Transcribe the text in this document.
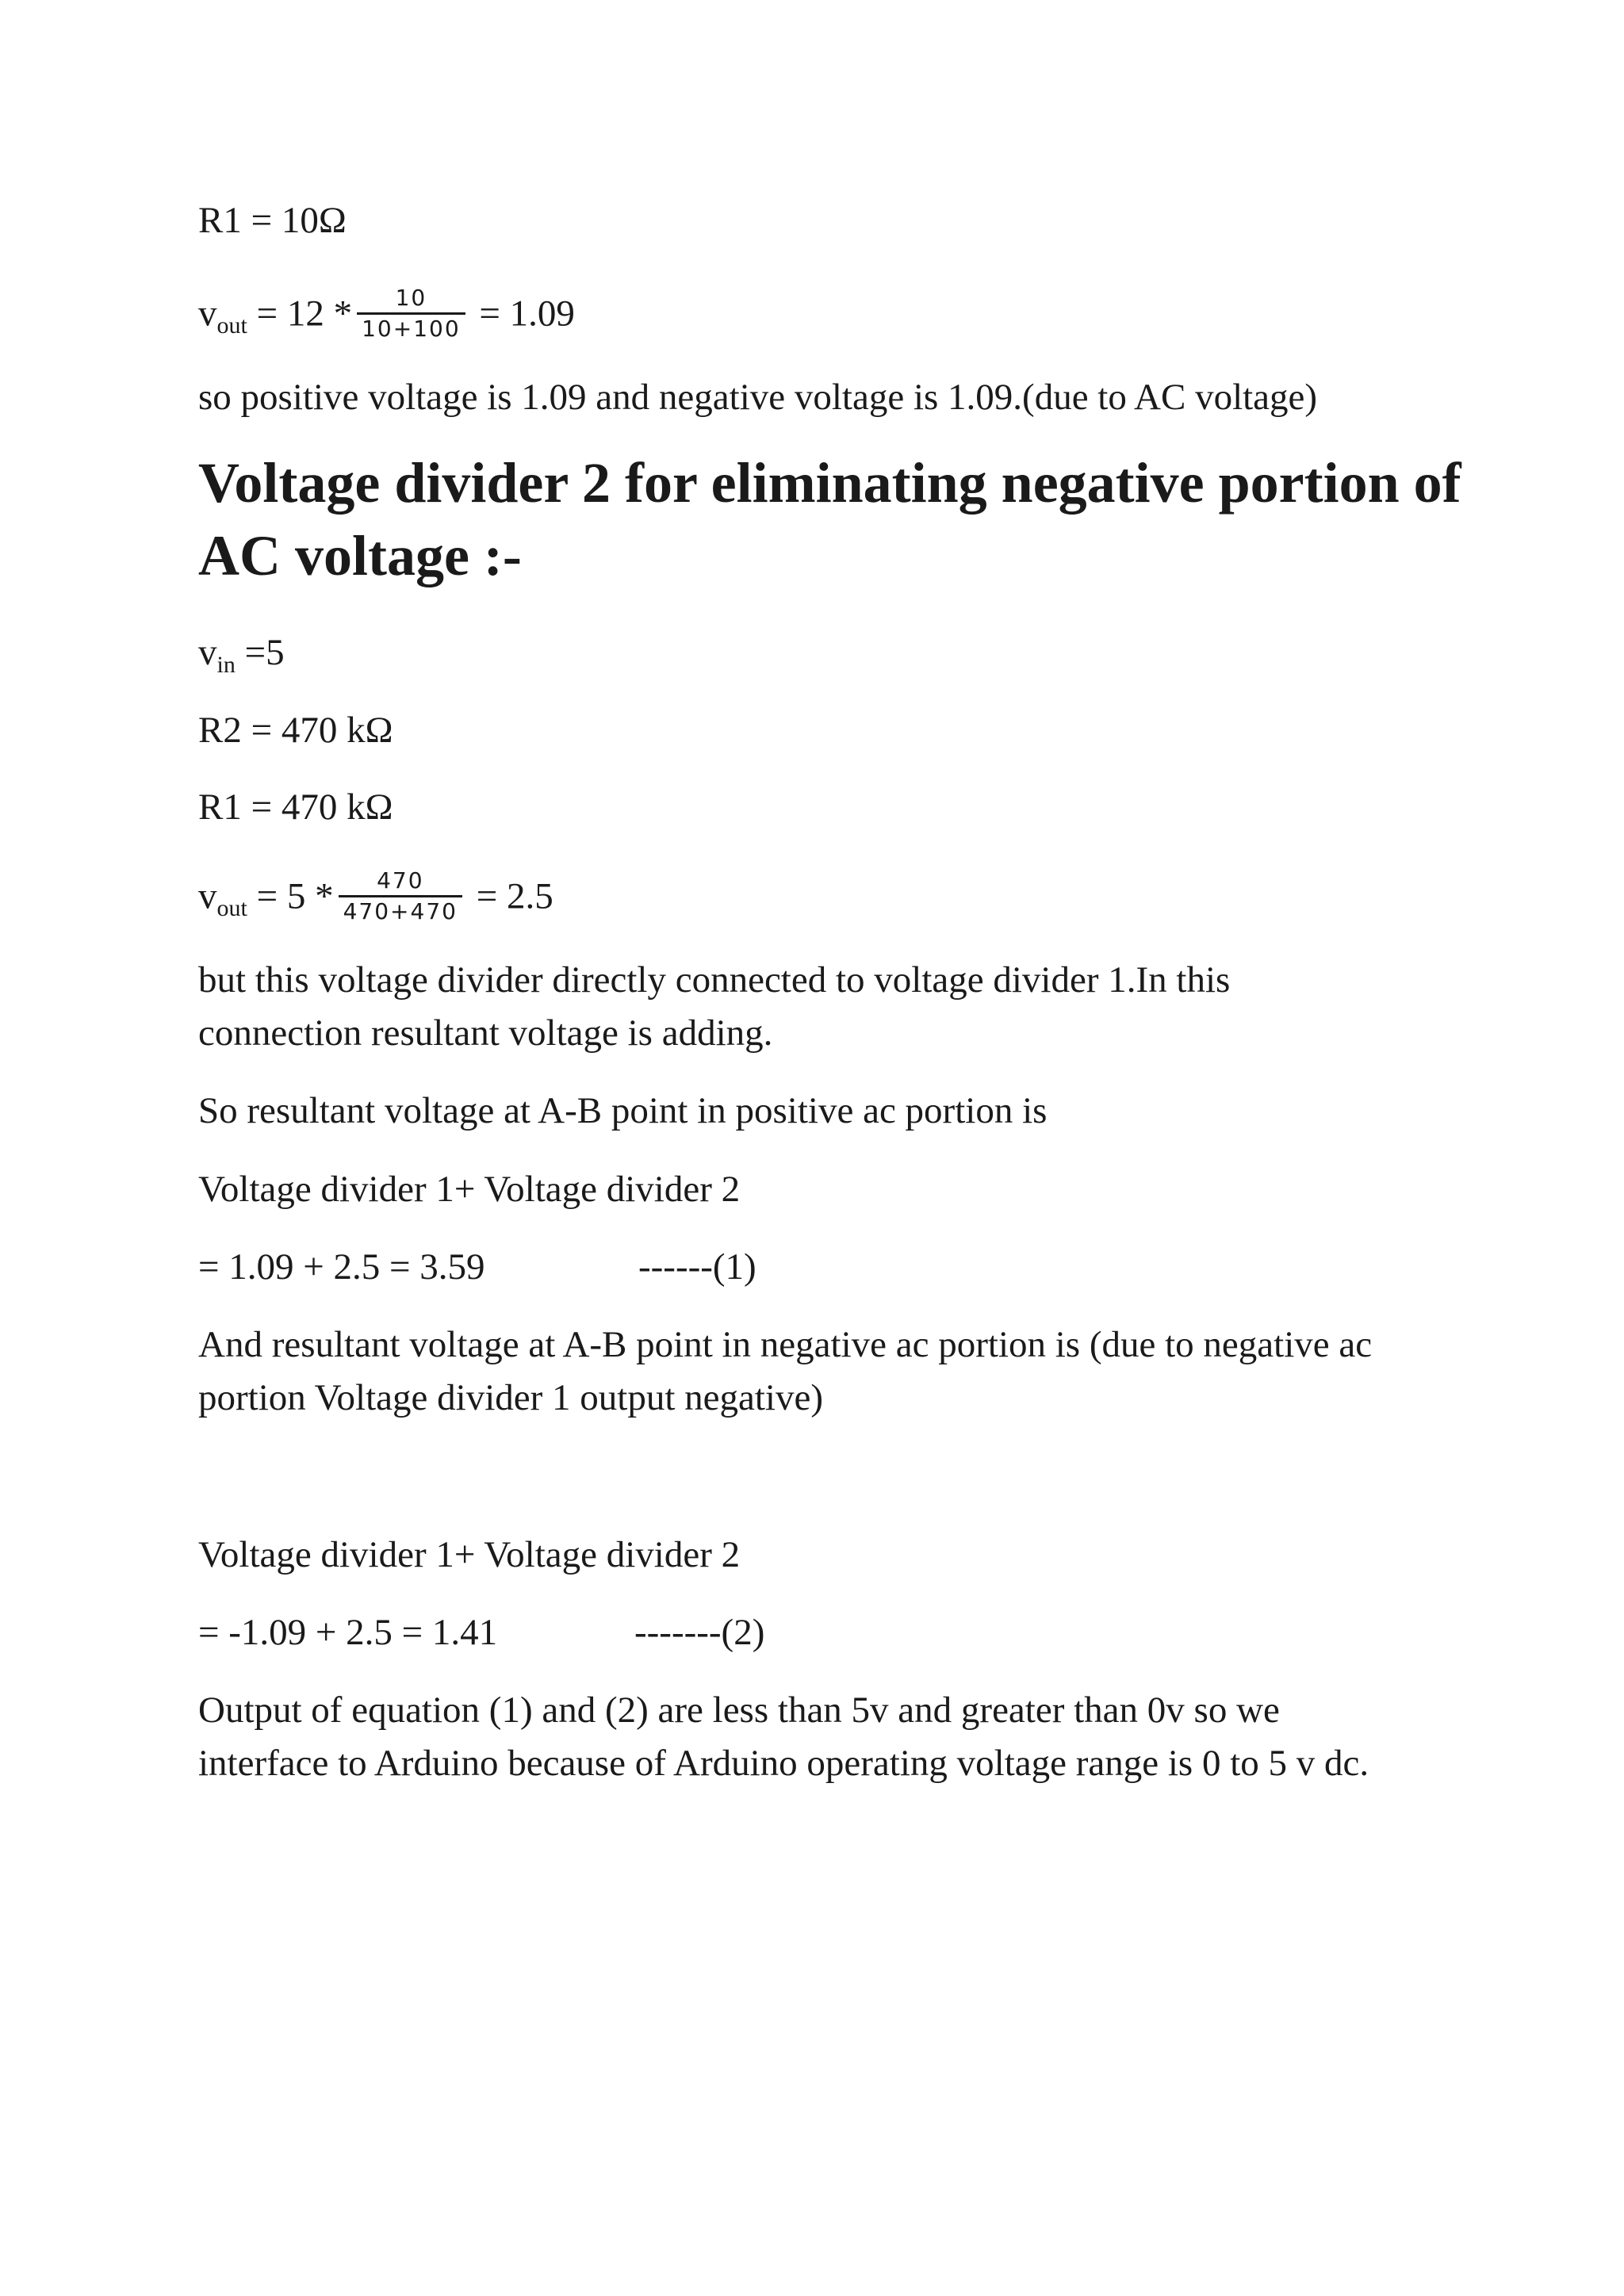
R1 = 10Ω
$v_{out} = 12 * \frac{10}{10+100} = 1.09$
so positive voltage is 1.09 and negative voltage is 1.09.(due to AC voltage)
Voltage divider 2 for eliminating negative portion of
AC voltage :-
$v_{in} =5$
R2 = 470 kΩ
R1 = 470 kΩ
$v_{out} = 5 * \frac{470}{470+470} = 2.5$
but this voltage divider directly connected to voltage divider 1.In this
connection resultant voltage is adding.
So resultant voltage at A-B point in positive ac portion is
Voltage divider 1+ Voltage divider 2
= 1.09 + 2.5 = 3.59	------(1)
And resultant voltage at A-B point in negative ac portion is (due to negative ac
portion Voltage divider 1 output negative)
Voltage divider 1+ Voltage divider 2
= -1.09 + 2.5 = 1.41	-------(2)
Output of equation (1) and (2) are less than 5v and greater than 0v so we
interface to Arduino because of Arduino operating voltage range is 0 to 5 v dc.
